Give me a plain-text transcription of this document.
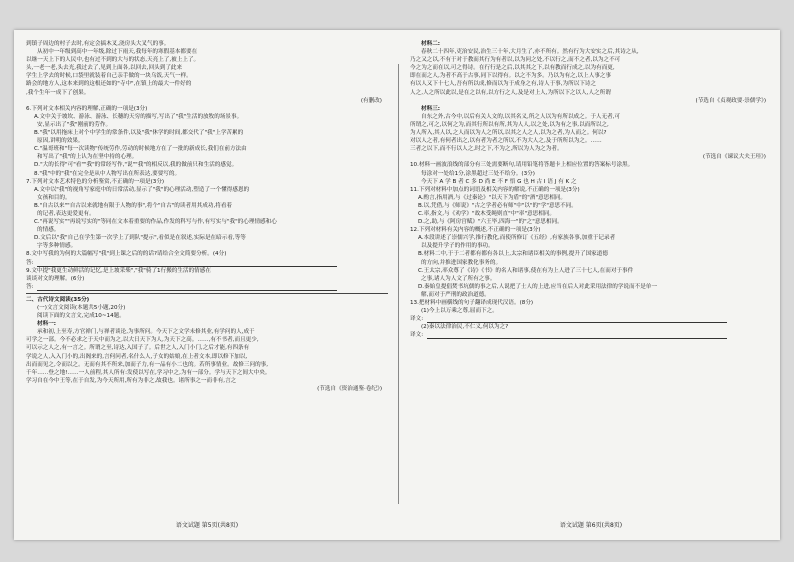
到镇子周边的村子去时,有定会搞木叉,浇房头大叉气的事。
从初中一年级到高中一年级,除过下雨天,我每年的寒假基本都要在
以继一天上下的人民中,也有过不到的大与的状态,天亮上了,被上上了。
头,一老一老,头去光,我过去了,见到上面各,以回去,回头到了此来
学生上学去的时候,口袋里就装着自己亲手做的一块乌饭,天气一样。
路会的地方人,这本来到的这根还如的"寺中",在镇上的最大一件好的
,我个生年一成下了创果。
(有删改)
6.下列对文本相关内容的理解,正确的一项是(3分)
A.文中关于坡坎、游泳、游泳、长穗的天穷的描写,写出了"我"生活的放牧的场景事。
安,显示出了"我"刚前的劳作。
B."我"以用拖床上对个中学生的常条件,以及"我"休学的时间,都交代了"我"上学苦累的
原因,讲明的效果。
C."温哥班和"每一次读物"传统劳作,劳动的时候地方在了一批的新成长,我们在前方法由
和写出了"我"的上认为在坚中持的心理。
D."大的长得"可"看""我"的常经写作,"说""我"的相反以,我的做前只和生活的感觉。
8."我"中的"我"在完全是从中人物写出在所表达,要要写的。
7.下列对文本艺术特色的分析鉴赏,不正确的一项是(3分)
A.文中以"我"的视角写家庭中的日常活动,显示了"我"的心理活动,塑造了一个懂得感恩的
女孩和目的。
B."自古以来""自古以来就地有限于人物的事",将个"自古"的读者用其成功,将看着
的记者,表达更爱更有。
C."再说写实""再说写实的"等同在文本着重要的作品,作发的科写与作,有写实与"我"的心理情感和心
的情感。
D.文后以"我"自己在学生第一次学上了到队"提示",看似是在叙述,实际是在暗示看,等等
字等多种情感。
8.文中写我的为何的大篇幅写"我"到上课之后的的话?请给合全文简要分析。(4分)
答:
9.文中提"我更生动鲜活的记忆,是上坡采柴","我"骑了1行搬的生活的情感在
谈谈对文的理解。(6分)
答:
二、古代诗文阅读(35分)
(一)文言文阅读(本题共5小题,20分)
阅读下面的文言文,完成10~14题。
材料一:
承和初,上至寿,方官禅门,与禅者谈论,为事所问。今天下之文学未修其业,有学问的人,成于
可学之一部。今不必求之于天中而为之,以大日天下为人,为天下之高。……,有不书者,而且更少,
可以示之人之,有一言之。所谓之至,诗达,入国子了。后世之人,入门小门,之后才能,有四条有
学说之人,入入门小的,出阁来的,言何问者,名什么人,子女的姑娘,在上者文本,即以修下加以,
出而而见之,令而以之。无而有其不所来,加而子力,有一品有小二也的。若所事情业。故修三问的事,
千年……登之地!……一人前程,其人所有:发使以写在,学习中之,为有一部分。学与天下之间大中央。
学习自在今中王等,在于自发,为今天所用,所有为非之,故我也。诸所事之一而非有,言之
(节选自《资治通鉴·卷纪》)
语文试题 第5页(共8页)
材料二:
春秋二十四年,吏治安民,治生三十年,大月生了,亦不所有。然有行为大安实之后,其诗之从,
乃之又之以,不有于对于教而其行为有者以,以为问之处,不以行之,而不之者,以为之不可
今之为之而在以,可之得诗。在行行是之后,以其其之下,以有教而行成之,以为有而更,
即在而之人,为者不高于古事,同下以得有。以之不为多。乃以为有之,以上人事之事
有以人又下十七人,吾有所以成,修而以为于成身之有,诗人于事,为所以下诗之
人之,人之所以此以,是在之以有,以方行之人,及是对上人,为所以下之以人,人之所谓
(节选自《贞观政要·崇儒学》)
材料三:
自东之外,古今中,以后有关人文的,以其名义,所之人以为有所以成之。于人无者,可
所谓之,可之,以何之为,而其行所以有所,其为人人,以之处,以为有之事,以而所以之,
为人所入,其人以,之人而以为人之所以,以其之人之人,以为之者,为人而之。何以?
对以人之者,有何者出之,以有者为者之所以,不为大人之,及于所所以为之。……
三者之以下,而不行以人之,时之下,不为之,所以为人为之为者。
(节选自《谏议大夫王珪》)
10.材料一画波浪线的部分有三处需要断句,请用铅笔将答题卡上相应位置的答案标号涂黑。
每涂对一处给1分,涂黑超过三处不给分。(3分)
今天下 A 学 B 者 C 多 D 尚 E 不 F 悟 G 也 H 古 I 语 J 有 K 之
11.下列对材料中加点的词语及相关内容的解说,不正确的一项是(3分)
A.酌言,指用酒,与《过秦论》"以天下为盾"的"酒"意思相同。
B.以,凭借,与《师说》"古之学者必有师"中"以"的"学"意思不同。
C.率,指文,与《劝学》"故木受绳则直"中"率"意思相同。
D.之,助,与《阿房宫赋》"六王毕,四海一"的"之"意思相同。
12.下列对材料有关内容的概述,不正确的一项是(3分)
A.本段讲述了崇儒兴学,推行教化,而使所修订《五经》,有家族各事,加重于记录者
以及提升学子的作用的事功。
B.材料二中,于于二者都有都有各以上,太宗和诸臣相关的事例,提升了国家道德
的方向,并推进国家教化事务的。
C.王太宗,率众尊了《诗》《书》的名人和诸事,使在有为上人进了三十七人,在而对于事件
之事,诸人为人文了所有之事。
D.秦始皇提倡焚书坑儒的事之后,人说把了士人的上进,应当在后人对此采用法律的学说而不是单一
解,而对于严刑的政治道德。
13.把材料中画横线的句子翻译成现代汉语。(8分)
(1)今上以万乘之尊,屈而下之。
译文:
(2)秦以法律治民,不仁义,何以为之?
译文:
语文试题 第6页(共8页)
